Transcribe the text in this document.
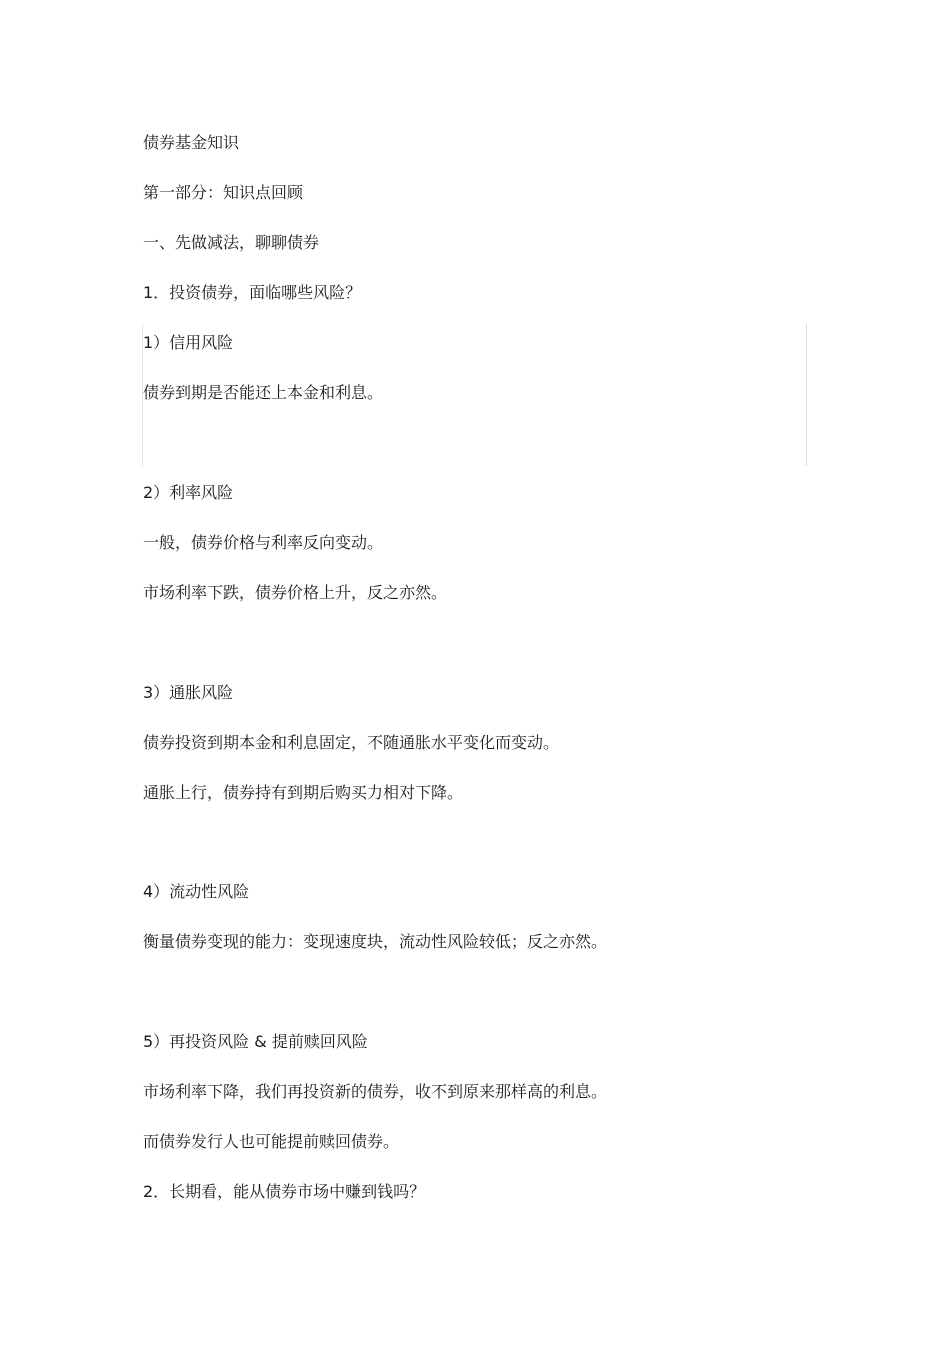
债券基金知识

第一部分：知识点回顾

一、先做减法，聊聊债券

1．投资债券，面临哪些风险？

1）信用风险

债券到期是否能还上本金和利息。

2）利率风险

一般，债券价格与利率反向变动。

市场利率下跌，债券价格上升，反之亦然。

3）通胀风险

债券投资到期本金和利息固定，不随通胀水平变化而变动。

通胀上行，债券持有到期后购买力相对下降。

4）流动性风险

衡量债券变现的能力：变现速度块，流动性风险较低；反之亦然。

5）再投资风险 & 提前赎回风险

市场利率下降，我们再投资新的债券，收不到原来那样高的利息。

而债券发行人也可能提前赎回债券。

2．长期看，能从债券市场中赚到钱吗？
